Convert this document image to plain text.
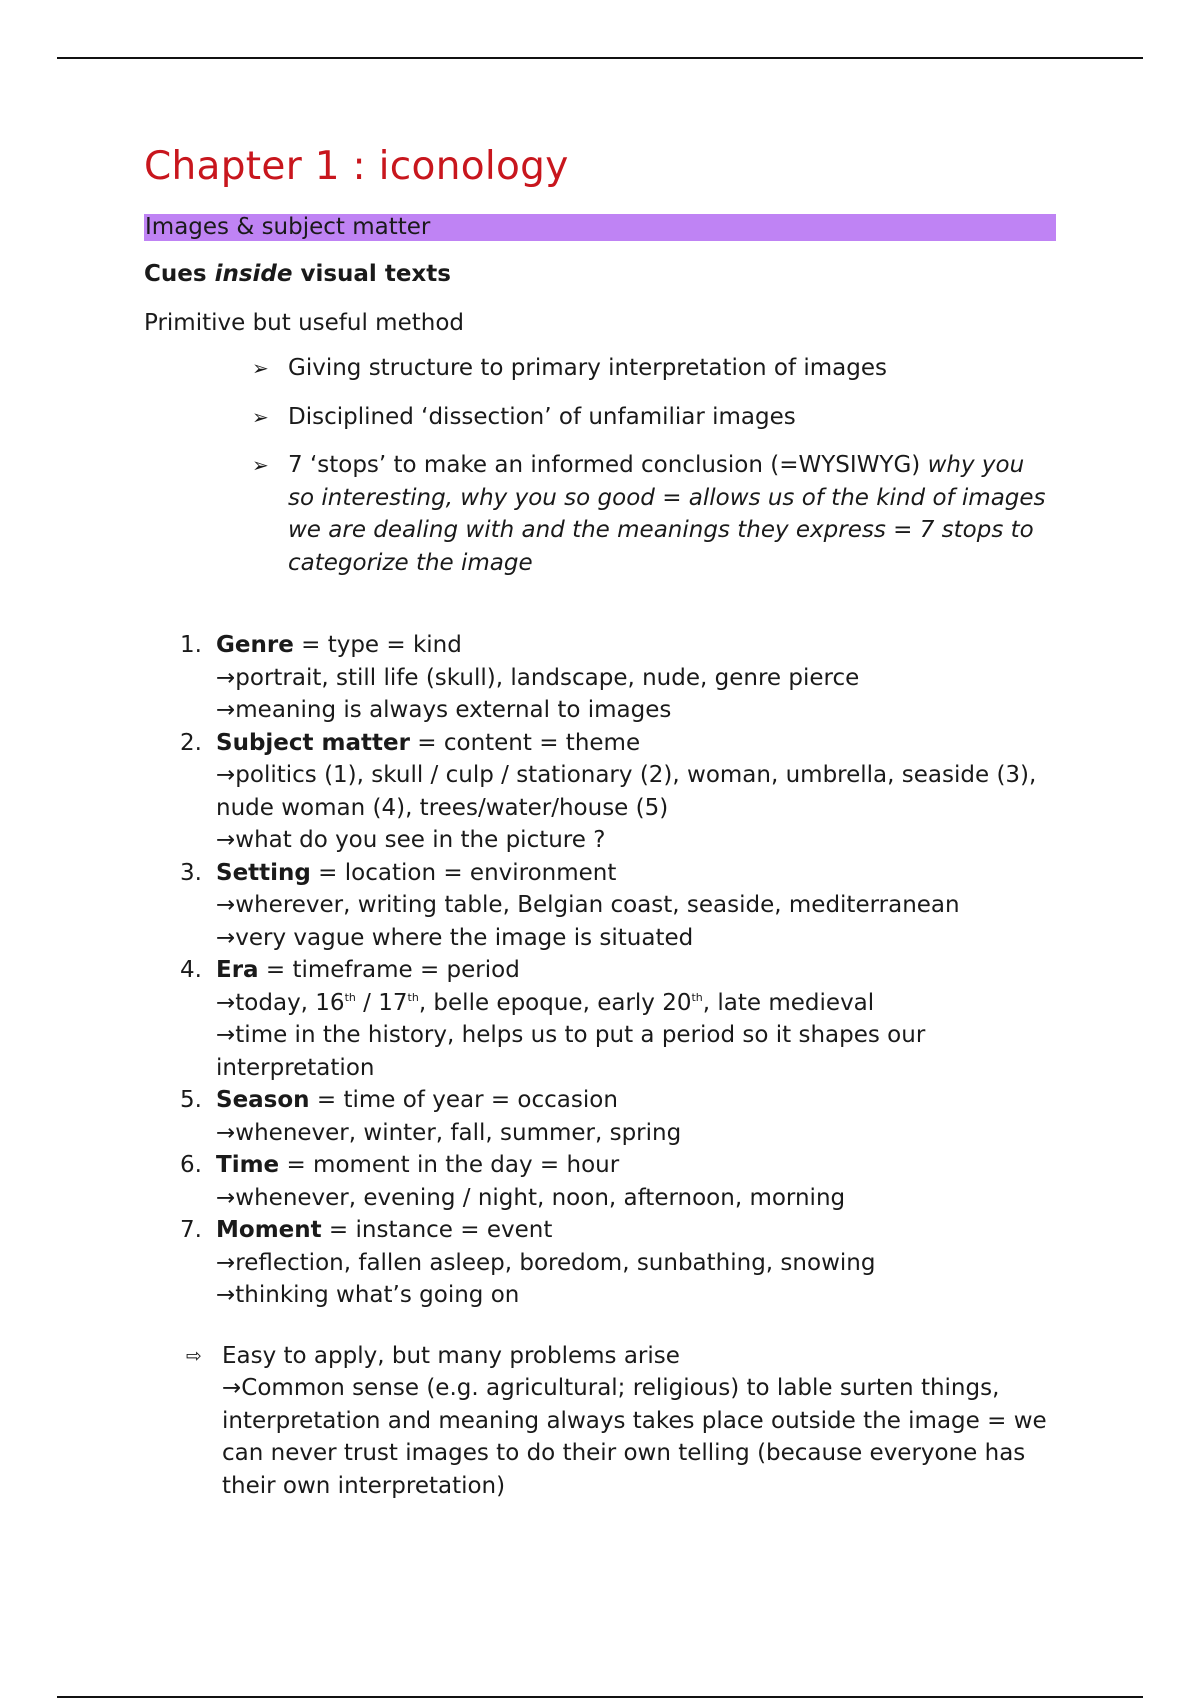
Chapter 1 : iconology
Images & subject matter
Cues inside visual texts
Primitive but useful method
➢ Giving structure to primary interpretation of images
➢ Disciplined ‘dissection’ of unfamiliar images
➢ 7 ‘stops’ to make an informed conclusion (=WYSIWYG) why you so interesting, why you so good = allows us of the kind of images we are dealing with and the meanings they express = 7 stops to categorize the image
1. Genre = type = kind
→portrait, still life (skull), landscape, nude, genre pierce
→meaning is always external to images
2. Subject matter = content = theme
→politics (1), skull / culp / stationary (2), woman, umbrella, seaside (3), nude woman (4), trees/water/house (5)
→what do you see in the picture ?
3. Setting = location = environment
→wherever, writing table, Belgian coast, seaside, mediterranean
→very vague where the image is situated
4. Era = timeframe = period
→today, 16th / 17th, belle epoque, early 20th, late medieval
→time in the history, helps us to put a period so it shapes our interpretation
5. Season = time of year = occasion
→whenever, winter, fall, summer, spring
6. Time = moment in the day = hour
→whenever, evening / night, noon, afternoon, morning
7. Moment = instance = event
→reflection, fallen asleep, boredom, sunbathing, snowing
→thinking what’s going on
⇨ Easy to apply, but many problems arise
→Common sense (e.g. agricultural; religious) to lable surten things, interpretation and meaning always takes place outside the image = we can never trust images to do their own telling (because everyone has their own interpretation)
